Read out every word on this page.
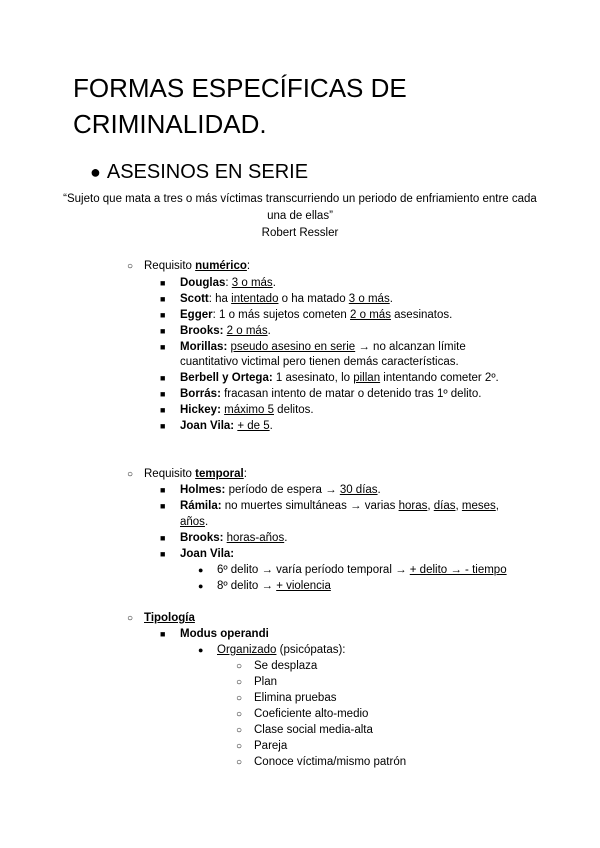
FORMAS ESPECÍFICAS DE CRIMINALIDAD.
● ASESINOS EN SERIE
“Sujeto que mata a tres o más víctimas transcurriendo un periodo de enfriamiento entre cada una de ellas”
Robert Ressler
○ Requisito numérico:
■ Douglas: 3 o más.
■ Scott: ha intentado o ha matado 3 o más.
■ Egger: 1 o más sujetos cometen 2 o más asesinatos.
■ Brooks: 2 o más.
■ Morillas: pseudo asesino en serie → no alcanzan límite
cuantitativo victimal pero tienen demás características.
■ Berbell y Ortega: 1 asesinato, lo pillan intentando cometer 2º.
■ Borrás: fracasan intento de matar o detenido tras 1º delito.
■ Hickey: máximo 5 delitos.
■ Joan Vila: + de 5.
○ Requisito temporal:
■ Holmes: período de espera → 30 días.
■ Rámila: no muertes simultáneas → varias horas, días, meses,
años.
■ Brooks: horas-años.
■ Joan Vila:
● 6º delito → varía período temporal → + delito → - tiempo
● 8º delito → + violencia
○ Tipología
■ Modus operandi
● Organizado (psicópatas):
○ Se desplaza
○ Plan
○ Elimina pruebas
○ Coeficiente alto-medio
○ Clase social media-alta
○ Pareja
○ Conoce víctima/mismo patrón
